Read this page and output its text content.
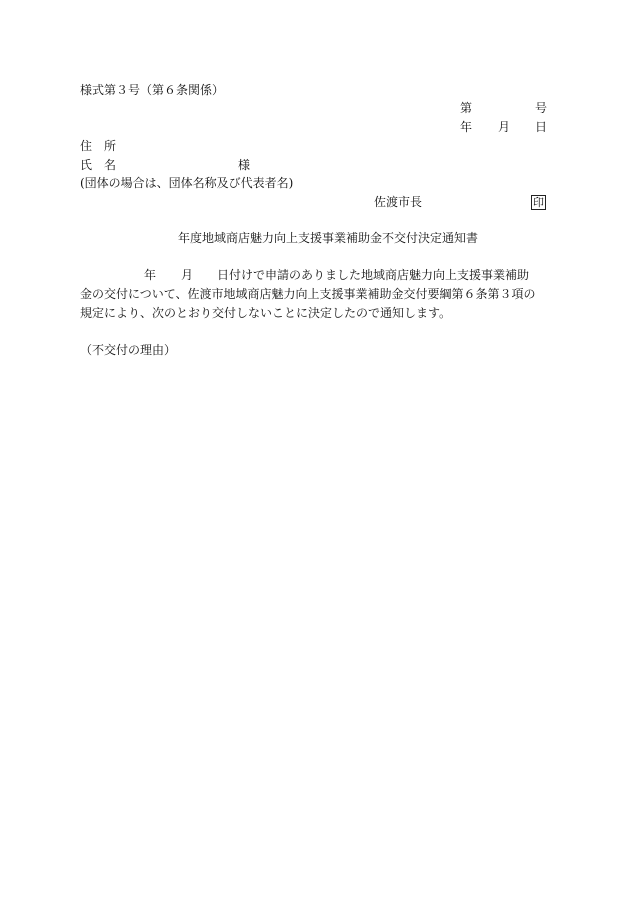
様式第３号（第６条関係）
第	号
年 月 日
住　所
氏　名	様
(団体の場合は、団体名称及び代表者名)
佐渡市長	印
年度地域商店魅力向上支援事業補助金不交付決定通知書
年 月 日付けで申請のありました地域商店魅力向上支援事業補助
金の交付について、佐渡市地域商店魅力向上支援事業補助金交付要綱第６条第３項の
規定により、次のとおり交付しないことに決定したので通知します。
（不交付の理由）
